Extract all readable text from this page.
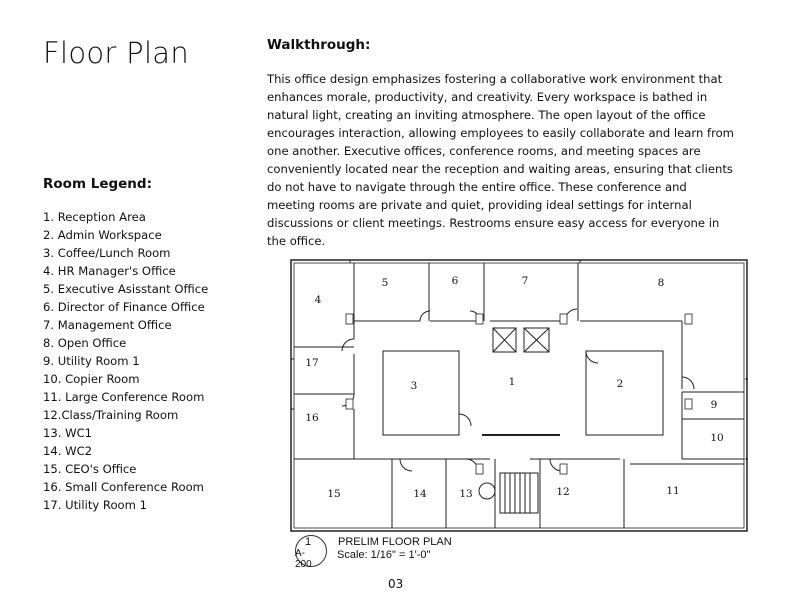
Floor Plan
Room Legend:
1. Reception Area
2. Admin Workspace
3. Coffee/Lunch Room
4. HR Manager's Office
5. Executive Asisstant Office
6. Director of Finance Office
7. Management Office
8. Open Office
9. Utility Room 1
10. Copier Room
11. Large Conference Room
12.Class/Training Room
13. WC1
14. WC2
15. CEO's Office
16. Small Conference Room
17. Utility Room 1
Walkthrough:

This office design emphasizes fostering a collaborative work environment that enhances morale, productivity, and creativity. Every workspace is bathed in natural light, creating an inviting atmosphere. The open layout of the office encourages interaction, allowing employees to easily collaborate and learn from one another. Executive offices, conference rooms, and meeting spaces are conveniently located near the reception and waiting areas, ensuring that clients do not have to navigate through the entire office. These conference and meeting rooms are private and quiet, providing ideal settings for internal discussions or client meetings. Restrooms ensure easy access for everyone in the office.

1	2
3
4
5	6	7	8
9
10
11
12
13
14
15
16
17
1
A-200
PRELIM FLOOR PLAN
Scale: 1/16" = 1'-0"
03
